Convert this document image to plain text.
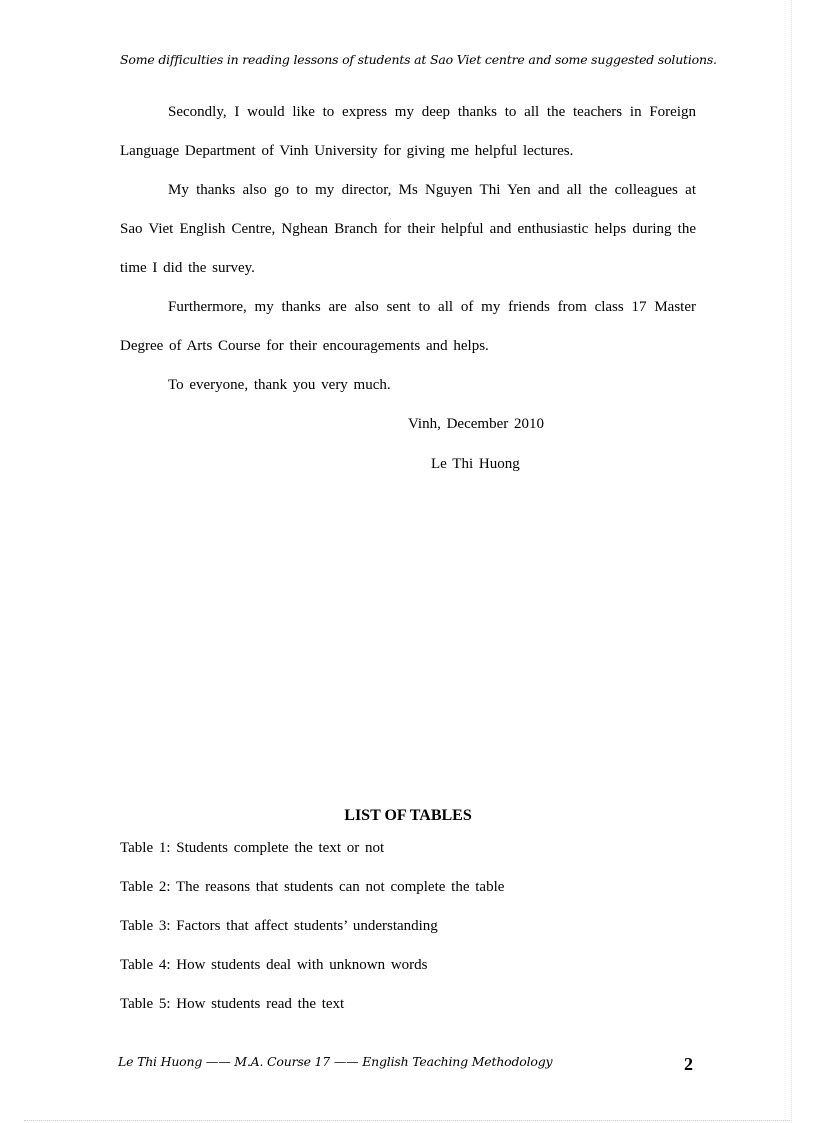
Some difficulties in reading lessons of students at Sao Viet centre and some suggested solutions.

Secondly, I would like to express my deep thanks to all the teachers in Foreign Language Department of Vinh University for giving me helpful lectures.

My thanks also go to my director, Ms Nguyen Thi Yen and all the colleagues at Sao Viet English Centre, Nghean Branch for their helpful and enthusiastic helps during the time I did the survey.

Furthermore, my thanks are also sent to all of my friends from class 17 Master Degree of Arts Course for their encouragements and helps.

To everyone, thank you very much.

Vinh, December 2010
Le Thi Huong
LIST OF TABLES
Table 1: Students complete the text or not
Table 2: The reasons that students can not complete the table
Table 3: Factors that affect students’ understanding
Table 4: How students deal with unknown words
Table 5: How students read the text
Le Thi Huong —— M.A. Course 17 —— English Teaching Methodology	2
